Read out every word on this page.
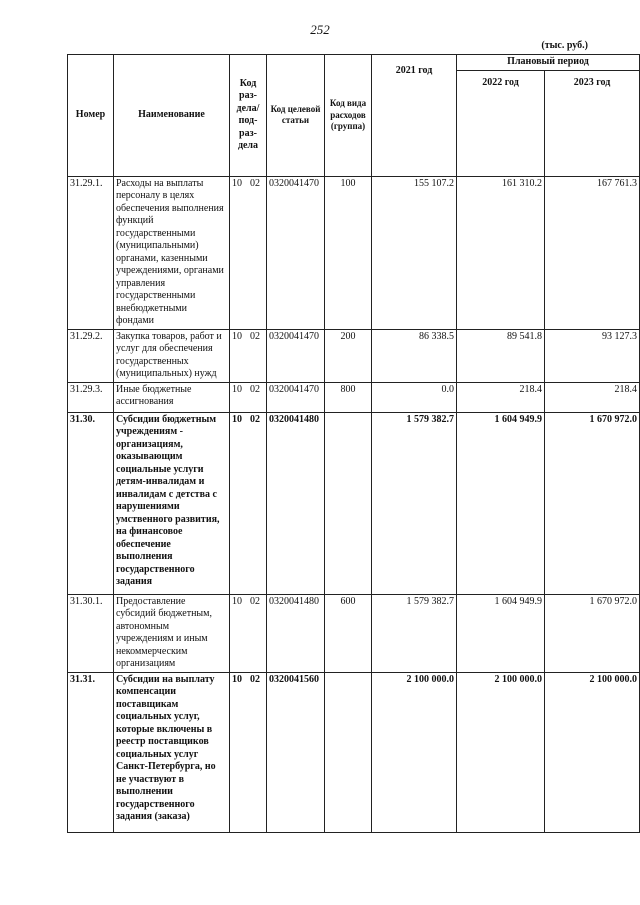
252
(тыс. руб.)
Номер	Наименование	Код раз-дела/ под-раз-дела	Код целевой статьи	Код вида расходов (группа)	2021 год	Плановый период	
						2022 год	2023 год
31.29.1.	Расходы на выплаты персоналу в целях обеспечения выполнения функций государственными (муниципальными) органами, казенными учреждениями, органами управления государственными внебюджетными фондами	10 02	0320041470	100	155 107.2	161 310.2	167 761.3
31.29.2.	Закупка товаров, работ и услуг для обеспечения государственных (муниципальных) нужд	10 02	0320041470	200	86 338.5	89 541.8	93 127.3
31.29.3.	Иные бюджетные ассигнования	10 02	0320041470	800	0.0	218.4	218.4
31.30.	Субсидии бюджетным учреждениям - организациям, оказывающим социальные услуги детям-инвалидам и инвалидам с детства с нарушениями умственного развития, на финансовое обеспечение выполнения государственного задания	10 02	0320041480		1 579 382.7	1 604 949.9	1 670 972.0
31.30.1.	Предоставление субсидий бюджетным, автономным учреждениям и иным некоммерческим организациям	10 02	0320041480	600	1 579 382.7	1 604 949.9	1 670 972.0
31.31.	Субсидии на выплату компенсации поставщикам социальных услуг, которые включены в реестр поставщиков социальных услуг Санкт-Петербурга, но не участвуют в выполнении государственного задания (заказа)	10 02	0320041560		2 100 000.0	2 100 000.0	2 100 000.0
